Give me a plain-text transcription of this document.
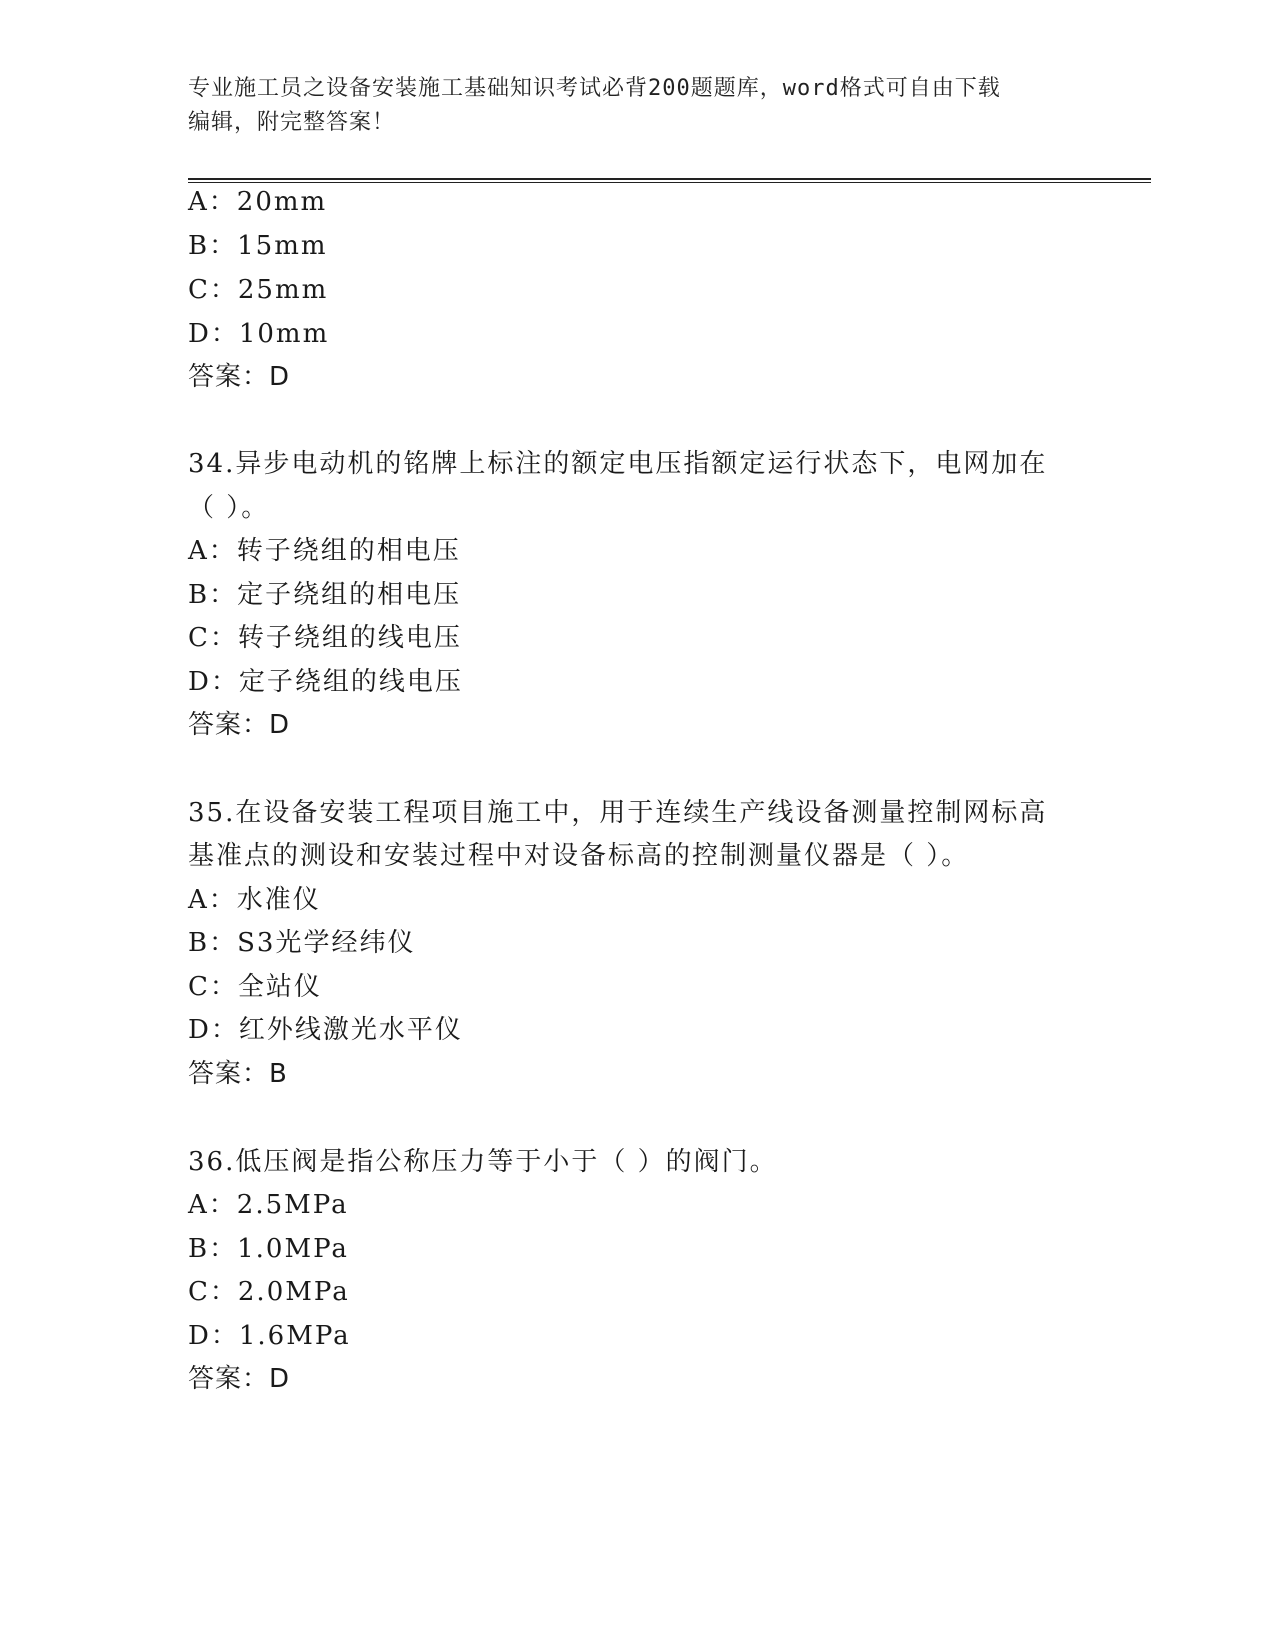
专业施工员之设备安装施工基础知识考试必背200题题库，word格式可自由下载
编辑，附完整答案！
A：20mm
B：15mm
C：25mm
D：10mm
答案：D
34.异步电动机的铭牌上标注的额定电压指额定运行状态下，电网加在
（ ）。
A：转子绕组的相电压
B：定子绕组的相电压
C：转子绕组的线电压
D：定子绕组的线电压
答案：D
35.在设备安装工程项目施工中，用于连续生产线设备测量控制网标高
基准点的测设和安装过程中对设备标高的控制测量仪器是（ ）。
A：水准仪
B：S3光学经纬仪
C：全站仪
D：红外线激光水平仪
答案：B
36.低压阀是指公称压力等于小于（ ）的阀门。
A：2.5MPa
B：1.0MPa
C：2.0MPa
D：1.6MPa
答案：D
